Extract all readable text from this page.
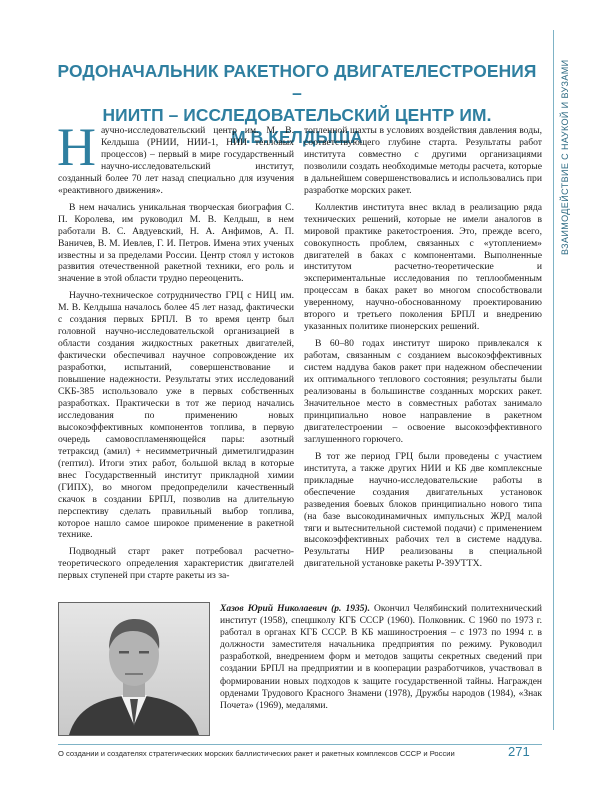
ВЗАИМОДЕЙСТВИЕ С НАУКОЙ И ВУЗАМИ
РОДОНАЧАЛЬНИК РАКЕТНОГО ДВИГАТЕЛЕСТРОЕНИЯ –
НИИТП – ИССЛЕДОВАТЕЛЬСКИЙ ЦЕНТР ИМ. М.В.КЕЛДЫША

Научно-исследовательский центр им. М. В. Келдыша (РНИИ, НИИ-1, НИИ тепловых процессов) – первый в мире государственный научно-исследовательский институт, созданный более 70 лет назад специально для изучения «реактивного движения».

В нем начались уникальная творческая биография С. П. Королева, им руководил М. В. Келдыш, в нем работали В. С. Авдуевский, Н. А. Анфимов, А. П. Ваничев, В. М. Иевлев, Г. И. Петров. Имена этих ученых известны и за пределами России. Центр стоял у истоков развития отечественной ракетной техники, его роль и значение в этой области трудно переоценить.

Научно-техническое сотрудничество ГРЦ с НИЦ им. М. В. Келдыша началось более 45 лет назад, фактически с создания первых БРПЛ. В то время центр был головной научно-исследовательской организацией в области создания жидкостных ракетных двигателей, фактически обеспечивал научное сопровождение их разработки, испытаний, совершенствование и повышение надежности. Результаты этих исследований СКБ-385 использовало уже в первых собственных разработках. Практически в тот же период начались исследования по применению новых высокоэффективных компонентов топлива, в первую очередь самовоспламеняющейся пары: азотный тетраксид (амил) + несимметричный диметилгидразин (гептил). Итоги этих работ, большой вклад в которые внес Государственный институт прикладной химии (ГИПХ), во многом предопределили качественный скачок в создании БРПЛ, позволив на длительную перспективу сделать правильный выбор топлива, которое нашло самое широкое применение в ракетной технике.

Подводный старт ракет потребовал расчетно-теоретического определения характеристик двигателей первых ступеней при старте ракеты из за-

топленной шахты в условиях воздействия давления воды, соответствующего глубине старта. Результаты работ института совместно с другими организациями позволили создать необходимые методы расчета, которые в дальнейшем совершенствовались и использовались при разработке морских ракет.

Коллектив института внес вклад в реализацию ряда технических решений, которые не имели аналогов в мировой практике ракетостроения. Это, прежде всего, совокупность проблем, связанных с «утоплением» двигателей в баках с компонентами. Выполненные институтом расчетно-теоретические и экспериментальные исследования по теплообменным процессам в баках ракет во многом способствовали уверенному, научно-обоснованному проектированию второго и третьего поколения БРПЛ и внедрению указанных политике пионерских решений.

В 60–80 годах институт широко привлекался к работам, связанным с созданием высокоэффективных систем наддува баков ракет при надежном обеспечении их оптимального теплового состояния; результаты были реализованы в большинстве созданных морских ракет. Значительное место в совместных работах занимало принципиально новое направление в ракетном двигателестроении – освоение высокоэффективного заглушенного горючего.

В тот же период ГРЦ были проведены с участием института, а также других НИИ и КБ две комплексные прикладные научно-исследовательские работы в обеспечение создания двигательных установок разведения боевых блоков принципиально нового типа (на базе высокодинамичных импульсных ЖРД малой тяги и вытеснительной системой подачи) с применением высокоэффективных рабочих тел в системе наддува. Результаты НИР реализованы в специальной двигательной установке ракеты Р-39УТТХ.

Хазов Юрий Николаевич (р. 1935). Окончил Челябинский политехнический институт (1958), спецшколу КГБ СССР (1960). Полковник. С 1960 по 1973 г. работал в органах КГБ СССР. В КБ машиностроения – с 1973 по 1994 г. в должности заместителя начальника предприятия по режиму. Руководил разработкой, внедрением форм и методов защиты секретных сведений при создании БРПЛ на предприятии и в кооперации разработчиков, участвовал в формировании новых подходов к защите государственной тайны. Награжден орденами Трудового Красного Знамени (1978), Дружбы народов (1984), «Знак Почета» (1969), медалями.
О создании и создателях стратегических морских баллистических ракет и ракетных комплексов СССР и России	271
